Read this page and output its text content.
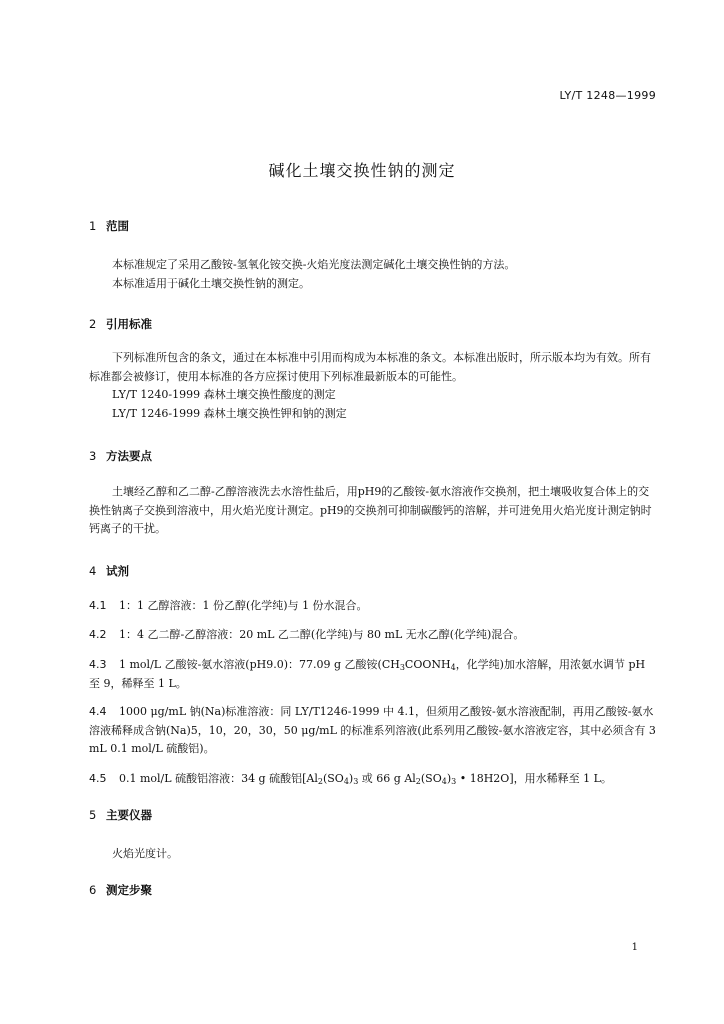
LY/T 1248—1999
碱化土壤交换性钠的测定
1 范围

本标准规定了采用乙酸铵-氢氧化铵交换-火焰光度法测定碱化土壤交换性钠的方法。

本标准适用于碱化土壤交换性钠的测定。

2 引用标准

下列标准所包含的条文，通过在本标准中引用而构成为本标准的条文。本标准出版时，所示版本均为有效。所有标准都会被修订，使用本标准的各方应探讨使用下列标准最新版本的可能性。

LY/T 1240-1999 森林土壤交换性酸度的测定

LY/T 1246-1999 森林土壤交换性钾和钠的测定

3 方法要点

土壤经乙醇和乙二醇-乙醇溶液洗去水溶性盐后，用pH9的乙酸铵-氨水溶液作交换剂，把土壤吸收复合体上的交换性钠离子交换到溶液中，用火焰光度计测定。pH9的交换剂可抑制碳酸钙的溶解，并可进免用火焰光度计测定钠时钙离子的干扰。

4 试剂

4.1 1：1 乙醇溶液：1 份乙醇(化学纯)与 1 份水混合。

4.2 1：4 乙二醇-乙醇溶液：20 mL 乙二醇(化学纯)与 80 mL 无水乙醇(化学纯)混合。

4.3 1 mol/L 乙酸铵-氨水溶液(pH9.0)：77.09 g 乙酸铵($CH_3COONH_4$，化学纯)加水溶解，用浓氨水调节 pH 至 9，稀释至 1 L。

4.4 1000 μg/mL 钠(Na)标准溶液：同 LY/T1246-1999 中 4.1，但须用乙酸铵-氨水溶液配制，再用乙酸铵-氨水溶液稀释成含钠(Na)5，10，20，30，50 μg/mL 的标准系列溶液(此系列用乙酸铵-氨水溶液定容，其中必须含有 3 mL 0.1 mol/L 硫酸铝)。

4.5 0.1 mol/L 硫酸铝溶液：34 g 硫酸铝[$Al_2(SO_4)_3$ 或 66 g $Al_2(SO_4)_3$ • 18H2O]，用水稀释至 1 L。

5 主要仪器

火焰光度计。

6 测定步聚
1
